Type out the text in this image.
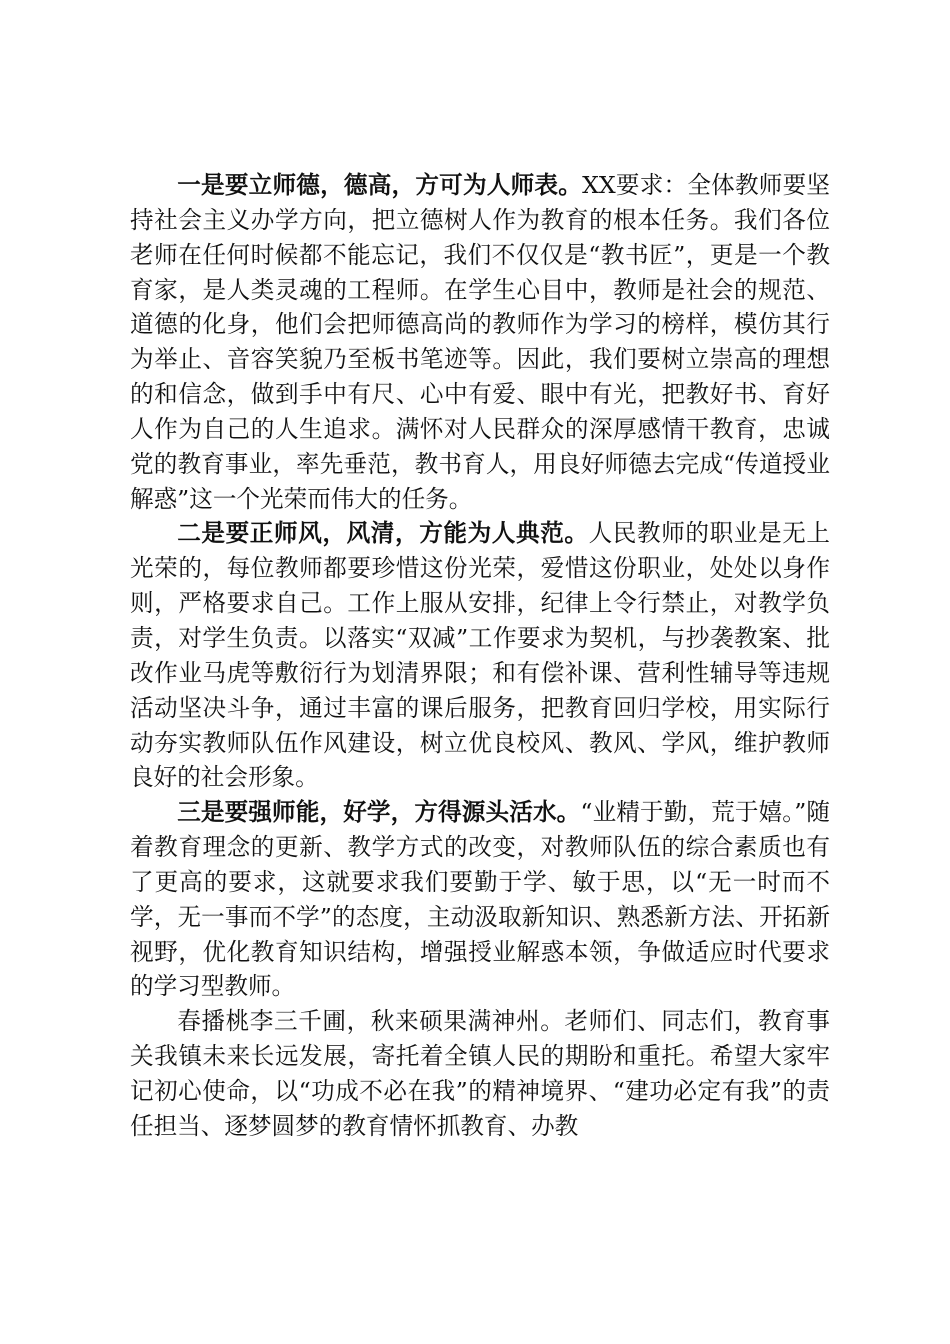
一是要立师德，德高，方可为人师表。XX要求：全体教师要坚持社会主义办学方向，把立德树人作为教育的根本任务。我们各位老师在任何时候都不能忘记，我们不仅仅是“教书匠”，更是一个教育家，是人类灵魂的工程师。在学生心目中，教师是社会的规范、道德的化身，他们会把师德高尚的教师作为学习的榜样，模仿其行为举止、音容笑貌乃至板书笔迹等。因此，我们要树立崇高的理想的和信念，做到手中有尺、心中有爱、眼中有光，把教好书、育好人作为自己的人生追求。满怀对人民群众的深厚感情干教育，忠诚党的教育事业，率先垂范，教书育人，用良好师德去完成“传道授业解惑”这一个光荣而伟大的任务。

二是要正师风，风清，方能为人典范。人民教师的职业是无上光荣的，每位教师都要珍惜这份光荣，爱惜这份职业，处处以身作则，严格要求自己。工作上服从安排，纪律上令行禁止，对教学负责，对学生负责。以落实“双减”工作要求为契机，与抄袭教案、批改作业马虎等敷衍行为划清界限；和有偿补课、营利性辅导等违规活动坚决斗争，通过丰富的课后服务，把教育回归学校，用实际行动夯实教师队伍作风建设，树立优良校风、教风、学风，维护教师良好的社会形象。

三是要强师能，好学，方得源头活水。“业精于勤，荒于嬉。”随着教育理念的更新、教学方式的改变，对教师队伍的综合素质也有了更高的要求，这就要求我们要勤于学、敏于思，以“无一时而不学，无一事而不学”的态度，主动汲取新知识、熟悉新方法、开拓新视野，优化教育知识结构，增强授业解惑本领，争做适应时代要求的学习型教师。

春播桃李三千圃，秋来硕果满神州。老师们、同志们，教育事关我镇未来长远发展，寄托着全镇人民的期盼和重托。希望大家牢记初心使命，以“功成不必在我”的精神境界、“建功必定有我”的责任担当、逐梦圆梦的教育情怀抓教育、办教
